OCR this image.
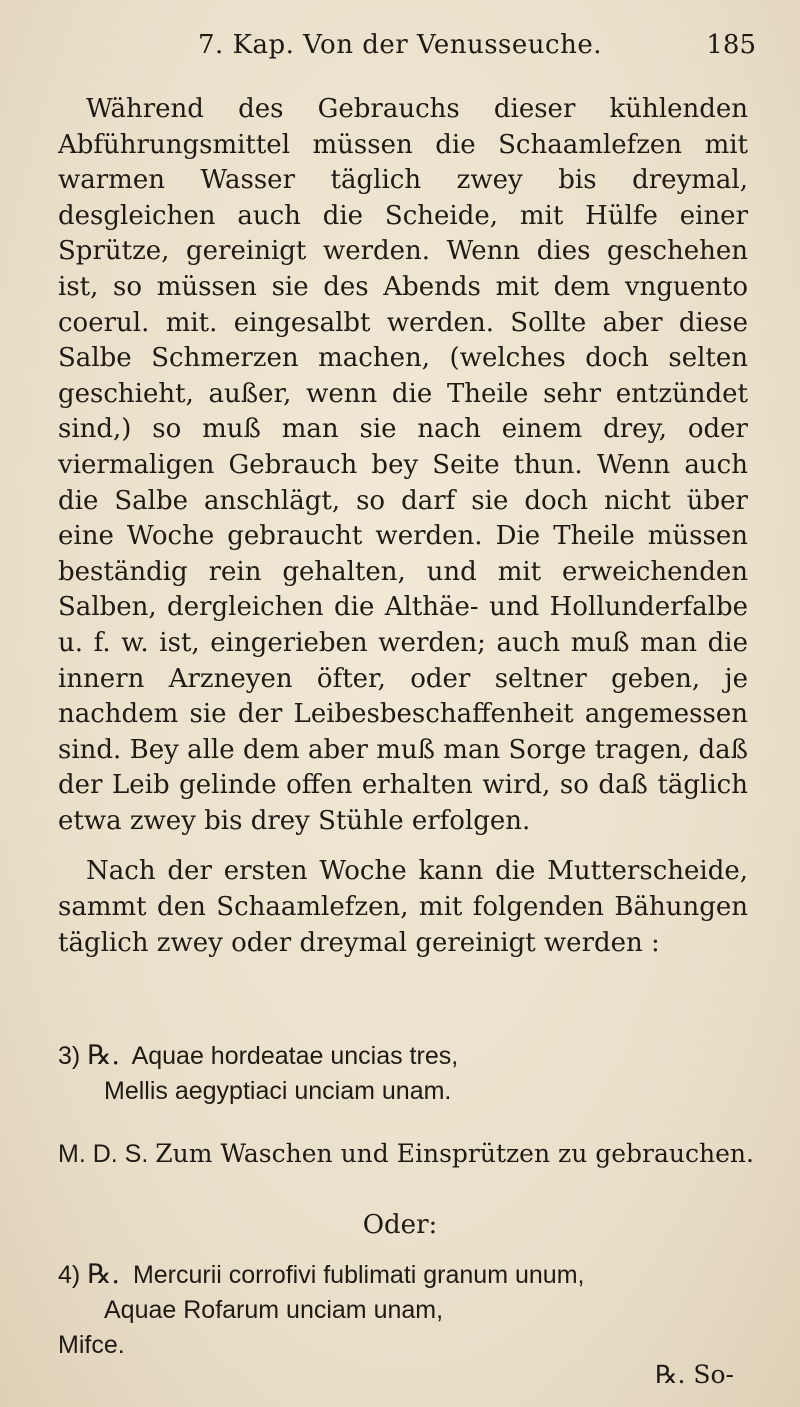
7. Kap. Von der Venusseuche.	185

Während des Gebrauchs dieser kühlenden Abführungsmittel müssen die Schaamlefzen mit warmen Wasser täglich zwey bis dreymal, desgleichen auch die Scheide, mit Hülfe einer Sprütze, gereinigt werden. Wenn dies geschehen ist, so müssen sie des Abends mit dem vnguento coerul. mit. eingesalbt werden. Sollte aber diese Salbe Schmerzen machen, (welches doch selten geschieht, außer, wenn die Theile sehr entzündet sind,) so muß man sie nach einem drey, oder viermaligen Gebrauch bey Seite thun. Wenn auch die Salbe anschlägt, so darf sie doch nicht über eine Woche gebraucht werden. Die Theile müssen beständig rein gehalten, und mit erweichenden Salben, dergleichen die Althäe- und Hollunderfalbe u. f. w. ist, eingerieben werden; auch muß man die innern Arzneyen öfter, oder seltner geben, je nachdem sie der Leibesbeschaffenheit angemessen sind. Bey alle dem aber muß man Sorge tragen, daß der Leib gelinde offen erhalten wird, so daß täglich etwa zwey bis drey Stühle erfolgen.

Nach der ersten Woche kann die Mutterscheide, sammt den Schaamlefzen, mit folgenden Bähungen täglich zwey oder dreymal gereinigt werden :

3) ℞. Aquae hordeatae uncias tres,
Mellis aegyptiaci unciam unam.
M. D. S. Zum Waschen und Einsprützen zu gebrauchen.
Oder:
4) ℞. Mercurii corrofivi fublimati granum unum,
Aquae Rofarum unciam unam,
Mifce.
℞. So-
